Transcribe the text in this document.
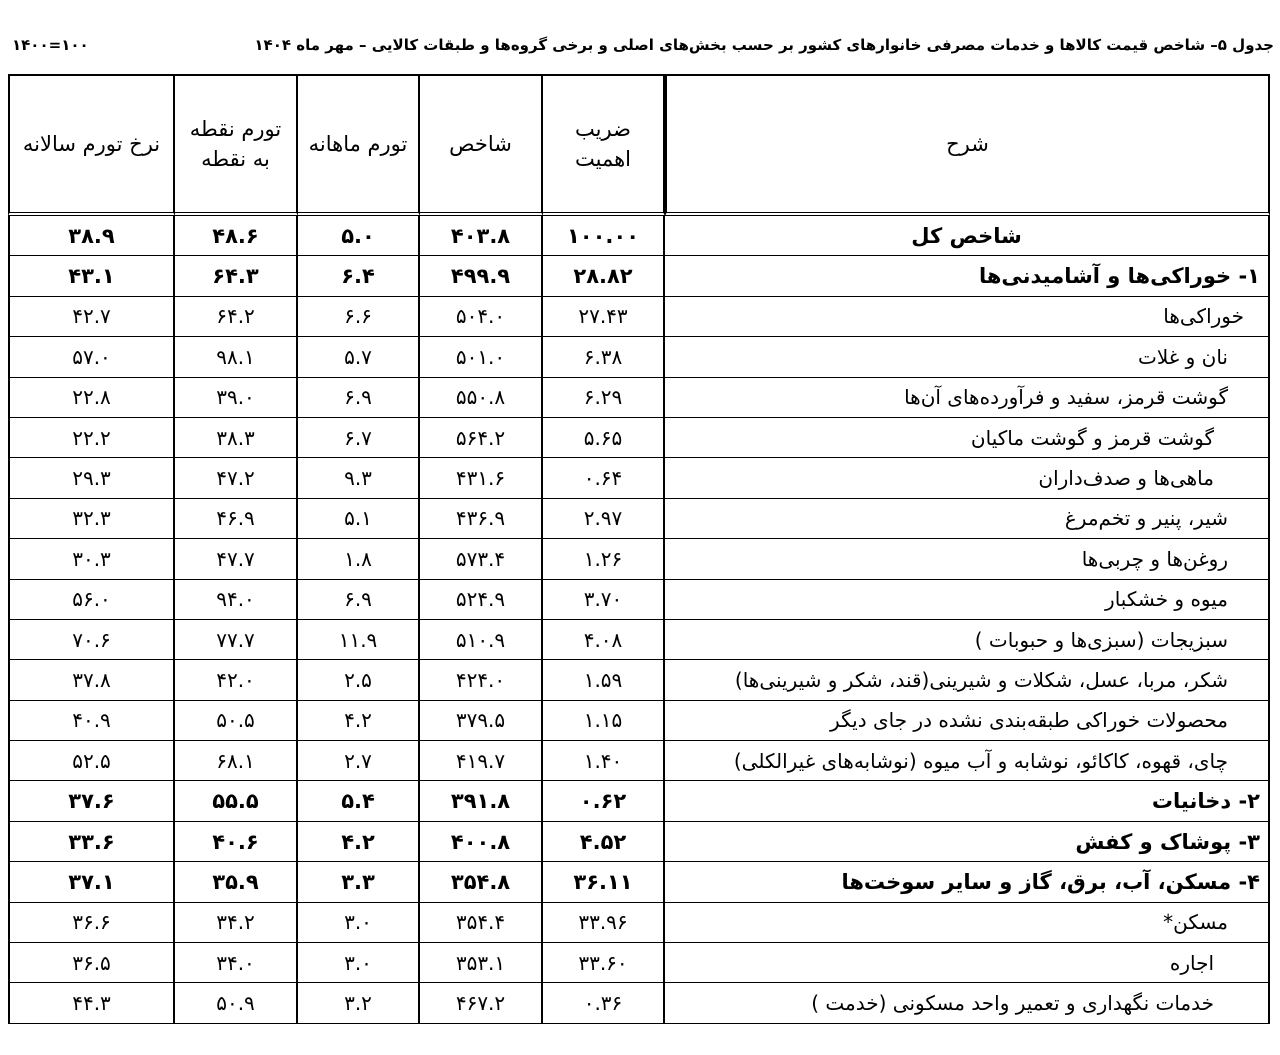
جدول ۵– شاخص قیمت کالاها و خدمات مصرفی خانوارهای کشور بر حسب بخش‌های اصلی و برخی گروه‌ها و طبقات کالایی – مهر ماه ۱۴۰۴
۱۴۰۰=۱۰۰
نرخ تورم سالانه	تورم نقطه به نقطه	تورم ماهانه	شاخص	ضریب اهمیت	شرح
۳۸.۹	۴۸.۶	۵.۰	۴۰۳.۸	۱۰۰.۰۰	شاخص کل
۴۳.۱	۶۴.۳	۶.۴	۴۹۹.۹	۲۸.۸۲	۱- خوراکی‌ها و آشامیدنی‌ها
۴۲.۷	۶۴.۲	۶.۶	۵۰۴.۰	۲۷.۴۳	خوراکی‌ها
۵۷.۰	۹۸.۱	۵.۷	۵۰۱.۰	۶.۳۸	نان و غلات
۲۲.۸	۳۹.۰	۶.۹	۵۵۰.۸	۶.۲۹	گوشت قرمز، سفید و فرآورده‌های آن‌ها
۲۲.۲	۳۸.۳	۶.۷	۵۶۴.۲	۵.۶۵	گوشت قرمز و گوشت ماکیان
۲۹.۳	۴۷.۲	۹.۳	۴۳۱.۶	۰.۶۴	ماهی‌ها و صدف‌داران
۳۲.۳	۴۶.۹	۵.۱	۴۳۶.۹	۲.۹۷	شیر، پنیر و تخم‌مرغ
۳۰.۳	۴۷.۷	۱.۸	۵۷۳.۴	۱.۲۶	روغن‌ها و چربی‌ها
۵۶.۰	۹۴.۰	۶.۹	۵۲۴.۹	۳.۷۰	میوه و خشکبار
۷۰.۶	۷۷.۷	۱۱.۹	۵۱۰.۹	۴.۰۸	سبزیجات (سبزی‌ها و حبوبات )
۳۷.۸	۴۲.۰	۲.۵	۴۲۴.۰	۱.۵۹	شکر، مربا، عسل، شکلات و شیرینی(قند، شکر و شیرینی‌ها)
۴۰.۹	۵۰.۵	۴.۲	۳۷۹.۵	۱.۱۵	محصولات خوراکی طبقه‌بندی نشده در جای دیگر
۵۲.۵	۶۸.۱	۲.۷	۴۱۹.۷	۱.۴۰	چای، قهوه، کاکائو، نوشابه و آب میوه (نوشابه‌های غیرالکلی)
۳۷.۶	۵۵.۵	۵.۴	۳۹۱.۸	۰.۶۲	۲- دخانیات
۳۳.۶	۴۰.۶	۴.۲	۴۰۰.۸	۴.۵۲	۳- پوشاک و کفش
۳۷.۱	۳۵.۹	۳.۳	۳۵۴.۸	۳۶.۱۱	۴- مسکن، آب، برق، گاز و سایر سوخت‌ها
۳۶.۶	۳۴.۲	۳.۰	۳۵۴.۴	۳۳.۹۶	مسکن*
۳۶.۵	۳۴.۰	۳.۰	۳۵۳.۱	۳۳.۶۰	اجاره
۴۴.۳	۵۰.۹	۳.۲	۴۶۷.۲	۰.۳۶	خدمات نگهداری و تعمیر واحد مسکونی (خدمت )
